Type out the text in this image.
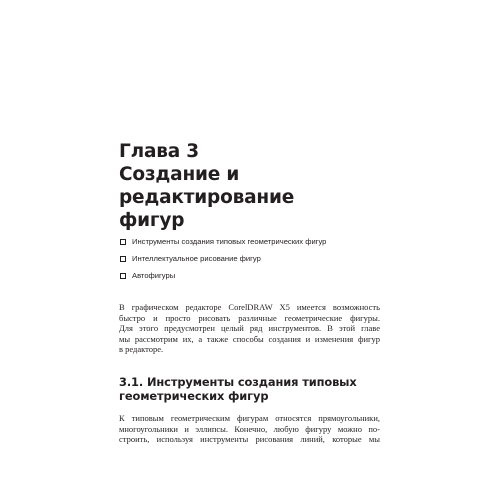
Глава 3
Создание и редактирование
фигур
Инструменты создания типовых геометрических фигур
Интеллектуальное рисование фигур
Автофигуры
В графическом редакторе CorelDRAW X5 имеется возможность
быстро и просто рисовать различные геометрические фигуры.
Для этого предусмотрен целый ряд инструментов. В этой главе
мы рассмотрим их, а также способы создания и изменения фигур
в редакторе.
3.1. Инструменты создания типовых
геометрических фигур
К типовым геометрическим фигурам относятся прямоугольники,
многоугольники и эллипсы. Конечно, любую фигуру можно по-
строить, используя инструменты рисования линий, которые мы
